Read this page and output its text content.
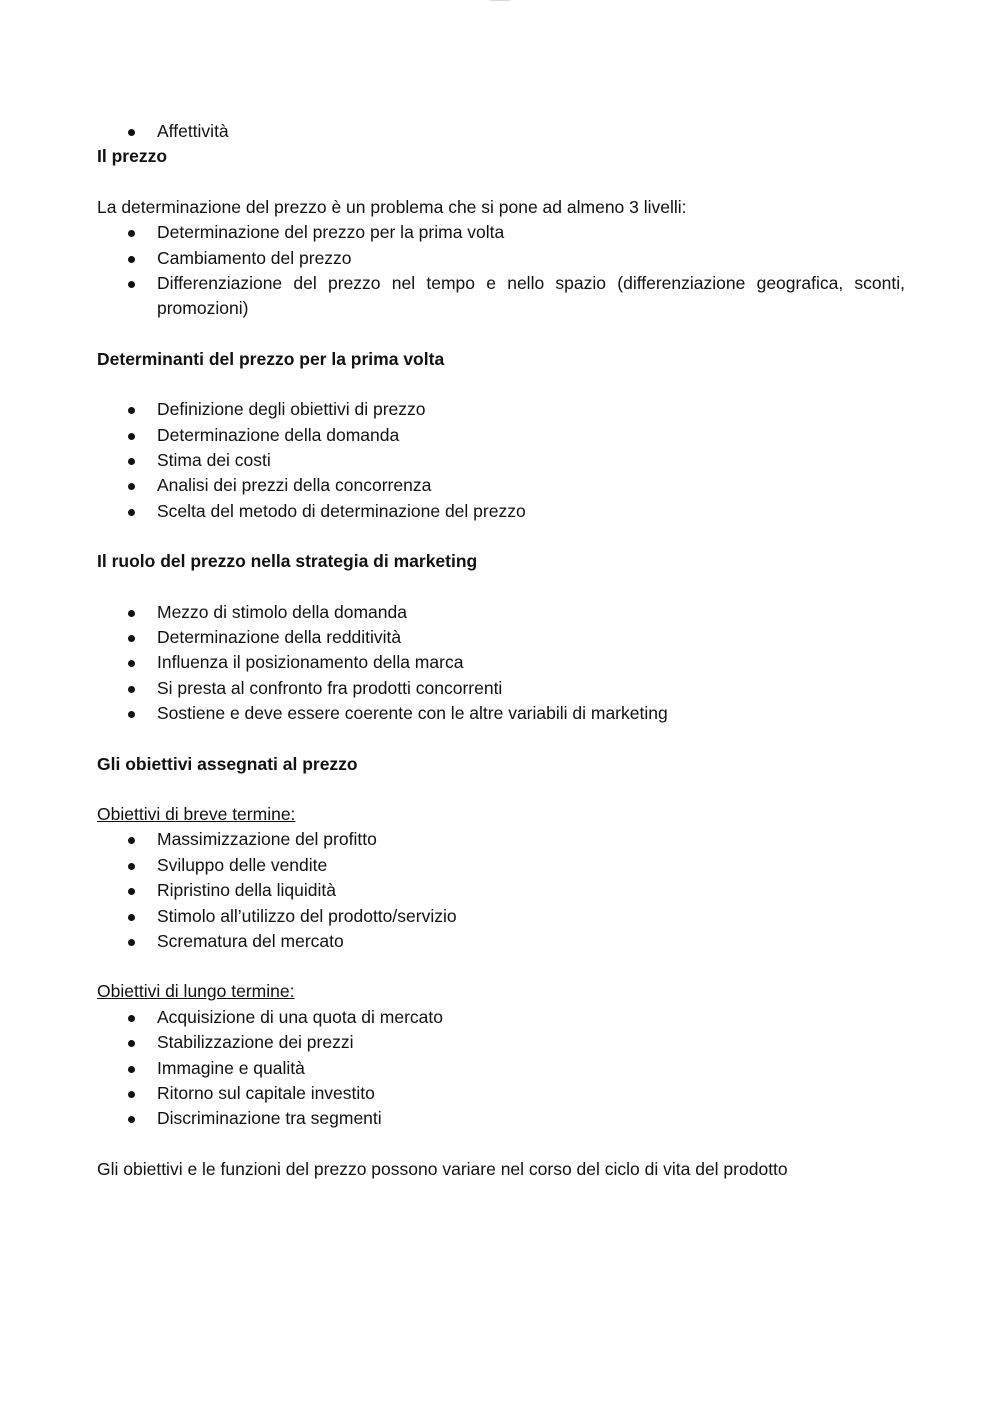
Affettività
Il prezzo
La determinazione del prezzo è un problema che si pone ad almeno 3 livelli:
Determinazione del prezzo per la prima volta
Cambiamento del prezzo
Differenziazione del prezzo nel tempo e nello spazio (differenziazione geografica, sconti, promozioni)
Determinanti del prezzo per la prima volta
Definizione degli obiettivi di prezzo
Determinazione della domanda
Stima dei costi
Analisi dei prezzi della concorrenza
Scelta del metodo di determinazione del prezzo
Il ruolo del prezzo nella strategia di marketing
Mezzo di stimolo della domanda
Determinazione della redditività
Influenza il posizionamento della marca
Si presta al confronto fra prodotti concorrenti
Sostiene e deve essere coerente con le altre variabili di marketing
Gli obiettivi assegnati al prezzo
Obiettivi di breve termine:
Massimizzazione del profitto
Sviluppo delle vendite
Ripristino della liquidità
Stimolo all’utilizzo del prodotto/servizio
Scrematura del mercato
Obiettivi di lungo termine:
Acquisizione di una quota di mercato
Stabilizzazione dei prezzi
Immagine e qualità
Ritorno sul capitale investito
Discriminazione tra segmenti
Gli obiettivi e le funzioni del prezzo possono variare nel corso del ciclo di vita del prodotto
